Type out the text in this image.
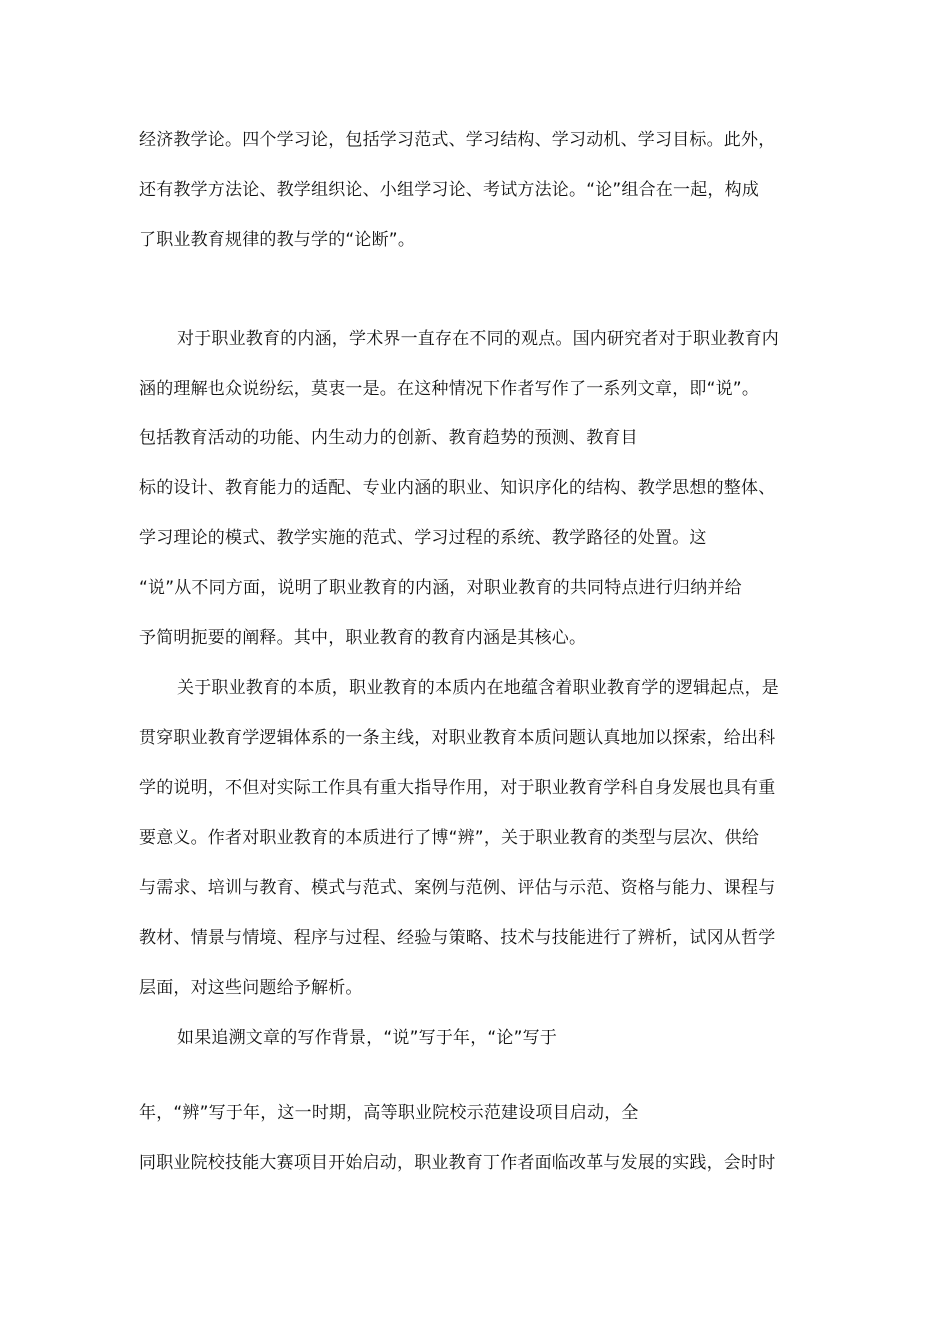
经济教学论。四个学习论，包括学习范式、学习结构、学习动机、学习目标。此外，

还有教学方法论、教学组织论、小组学习论、考试方法论。“论”组合在一起，构成

了职业教育规律的教与学的“论断”。

对于职业教育的内涵，学术界一直存在不同的观点。国内研究者对于职业教育内

涵的理解也众说纷纭，莫衷一是。在这种情况下作者写作了一系列文章，即“说”。

包括教育活动的功能、内生动力的创新、教育趋势的预测、教育目

标的设计、教育能力的适配、专业内涵的职业、知识序化的结构、教学思想的整体、

学习理论的模式、教学实施的范式、学习过程的系统、教学路径的处置。这

“说”从不同方面，说明了职业教育的内涵，对职业教育的共同特点进行归纳并给

予简明扼要的阐释。其中，职业教育的教育内涵是其核心。

关于职业教育的本质，职业教育的本质内在地蕴含着职业教育学的逻辑起点，是

贯穿职业教育学逻辑体系的一条主线，对职业教育本质问题认真地加以探索，给出科

学的说明，不但对实际工作具有重大指导作用，对于职业教育学科自身发展也具有重

要意义。作者对职业教育的本质进行了博“辨”，关于职业教育的类型与层次、供给

与需求、培训与教育、模式与范式、案例与范例、评估与示范、资格与能力、课程与

教材、情景与情境、程序与过程、经验与策略、技术与技能进行了辨析，试冈从哲学

层面，对这些问题给予解析。

如果追溯文章的写作背景，“说”写于年，“论”写于

年，“辨”写于年，这一时期，高等职业院校示范建设项目启动，全

同职业院校技能大赛项目开始启动，职业教育丁作者面临改革与发展的实践，会时时
